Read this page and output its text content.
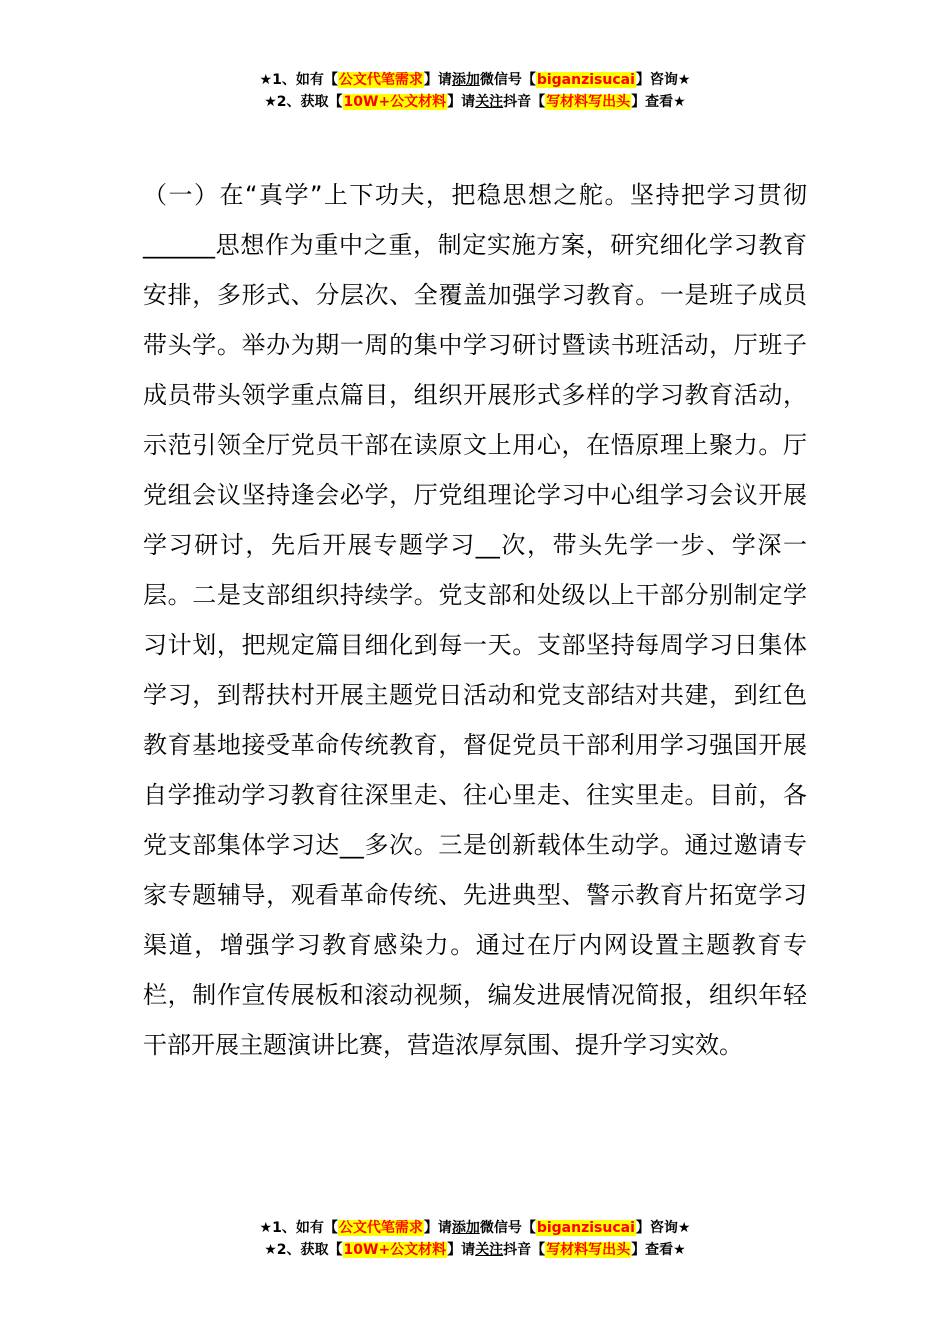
★1、如有【公文代笔需求】请添加微信号【biganzisucai】咨询★
★2、获取【10W+公文材料】请关注抖音【写材料写出头】查看★
（一）在“真学”上下功夫，把稳思想之舵。坚持把学习贯彻______思想作为重中之重，制定实施方案，研究细化学习教育安排，多形式、分层次、全覆盖加强学习教育。一是班子成员带头学。举办为期一周的集中学习研讨暨读书班活动，厅班子成员带头领学重点篇目，组织开展形式多样的学习教育活动，示范引领全厅党员干部在读原文上用心，在悟原理上聚力。厅党组会议坚持逢会必学，厅党组理论学习中心组学习会议开展学习研讨，先后开展专题学习__次，带头先学一步、学深一层。二是支部组织持续学。党支部和处级以上干部分别制定学习计划，把规定篇目细化到每一天。支部坚持每周学习日集体学习，到帮扶村开展主题党日活动和党支部结对共建，到红色教育基地接受革命传统教育，督促党员干部利用学习强国开展自学推动学习教育往深里走、往心里走、往实里走。目前，各党支部集体学习达__多次。三是创新载体生动学。通过邀请专家专题辅导，观看革命传统、先进典型、警示教育片拓宽学习渠道，增强学习教育感染力。通过在厅内网设置主题教育专栏，制作宣传展板和滚动视频，编发进展情况简报，组织年轻干部开展主题演讲比赛，营造浓厚氛围、提升学习实效。
★1、如有【公文代笔需求】请添加微信号【biganzisucai】咨询★
★2、获取【10W+公文材料】请关注抖音【写材料写出头】查看★
